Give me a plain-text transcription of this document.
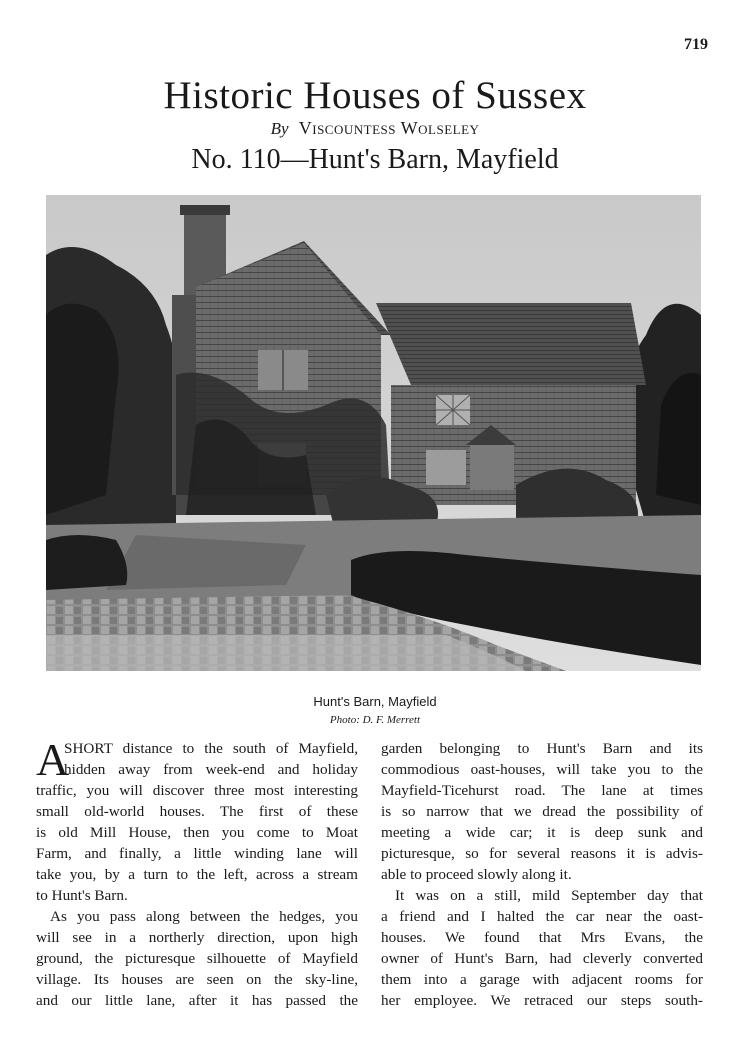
719
Historic Houses of Sussex
By Viscountess Wolseley
No. 110—Hunt's Barn, Mayfield
Hunt's Barn, Mayfield
Photo: D. F. Merrett
A
SHORT distance to the south of Mayfield,
hidden away from week-end and holiday
traffic, you will discover three most interesting
small old-world houses. The first of these
is old Mill House, then you come to Moat
Farm, and finally, a little winding lane will
take you, by a turn to the left, across a stream
to Hunt's Barn.
As you pass along between the hedges, you
will see in a northerly direction, upon high
ground, the picturesque silhouette of Mayfield
village. Its houses are seen on the sky-line,
and our little lane, after it has passed the
garden belonging to Hunt's Barn and its
commodious oast-houses, will take you to the
Mayfield-Ticehurst road. The lane at times
is so narrow that we dread the possibility of
meeting a wide car; it is deep sunk and
picturesque, so for several reasons it is advis-
able to proceed slowly along it.
It was on a still, mild September day that
a friend and I halted the car near the oast-
houses. We found that Mrs Evans, the
owner of Hunt's Barn, had cleverly converted
them into a garage with adjacent rooms for
her employee. We retraced our steps south-
